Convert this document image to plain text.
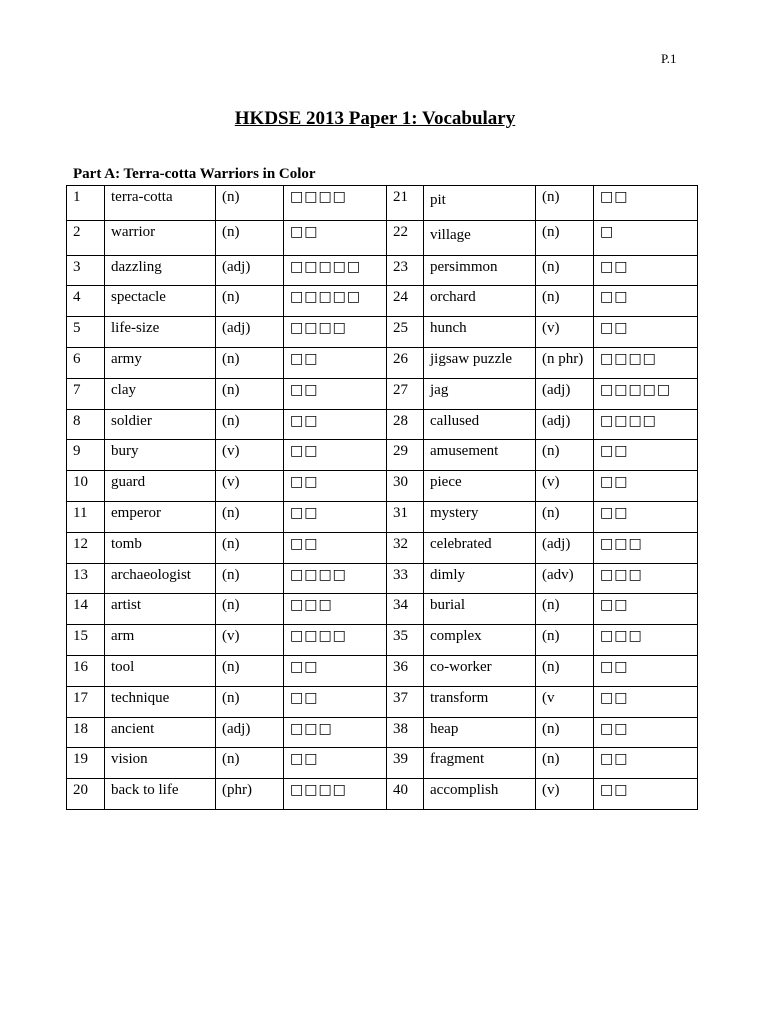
P.1
HKDSE 2013 Paper 1: Vocabulary
Part A: Terra-cotta Warriors in Color
1	terra-cotta	(n)	□□□□	21	pit	(n)	□□
2	warrior	(n)	□□	22	village	(n)	□
3	dazzling	(adj)	□□□□□	23	persimmon	(n)	□□
4	spectacle	(n)	□□□□□	24	orchard	(n)	□□
5	life-size	(adj)	□□□□	25	hunch	(v)	□□
6	army	(n)	□□	26	jigsaw puzzle	(n phr)	□□□□
7	clay	(n)	□□	27	jag	(adj)	□□□□□
8	soldier	(n)	□□	28	callused	(adj)	□□□□
9	bury	(v)	□□	29	amusement	(n)	□□
10	guard	(v)	□□	30	piece	(v)	□□
11	emperor	(n)	□□	31	mystery	(n)	□□
12	tomb	(n)	□□	32	celebrated	(adj)	□□□
13	archaeologist	(n)	□□□□	33	dimly	(adv)	□□□
14	artist	(n)	□□□	34	burial	(n)	□□
15	arm	(v)	□□□□	35	complex	(n)	□□□
16	tool	(n)	□□	36	co-worker	(n)	□□
17	technique	(n)	□□	37	transform	(v	□□
18	ancient	(adj)	□□□	38	heap	(n)	□□
19	vision	(n)	□□	39	fragment	(n)	□□
20	back to life	(phr)	□□□□	40	accomplish	(v)	□□
